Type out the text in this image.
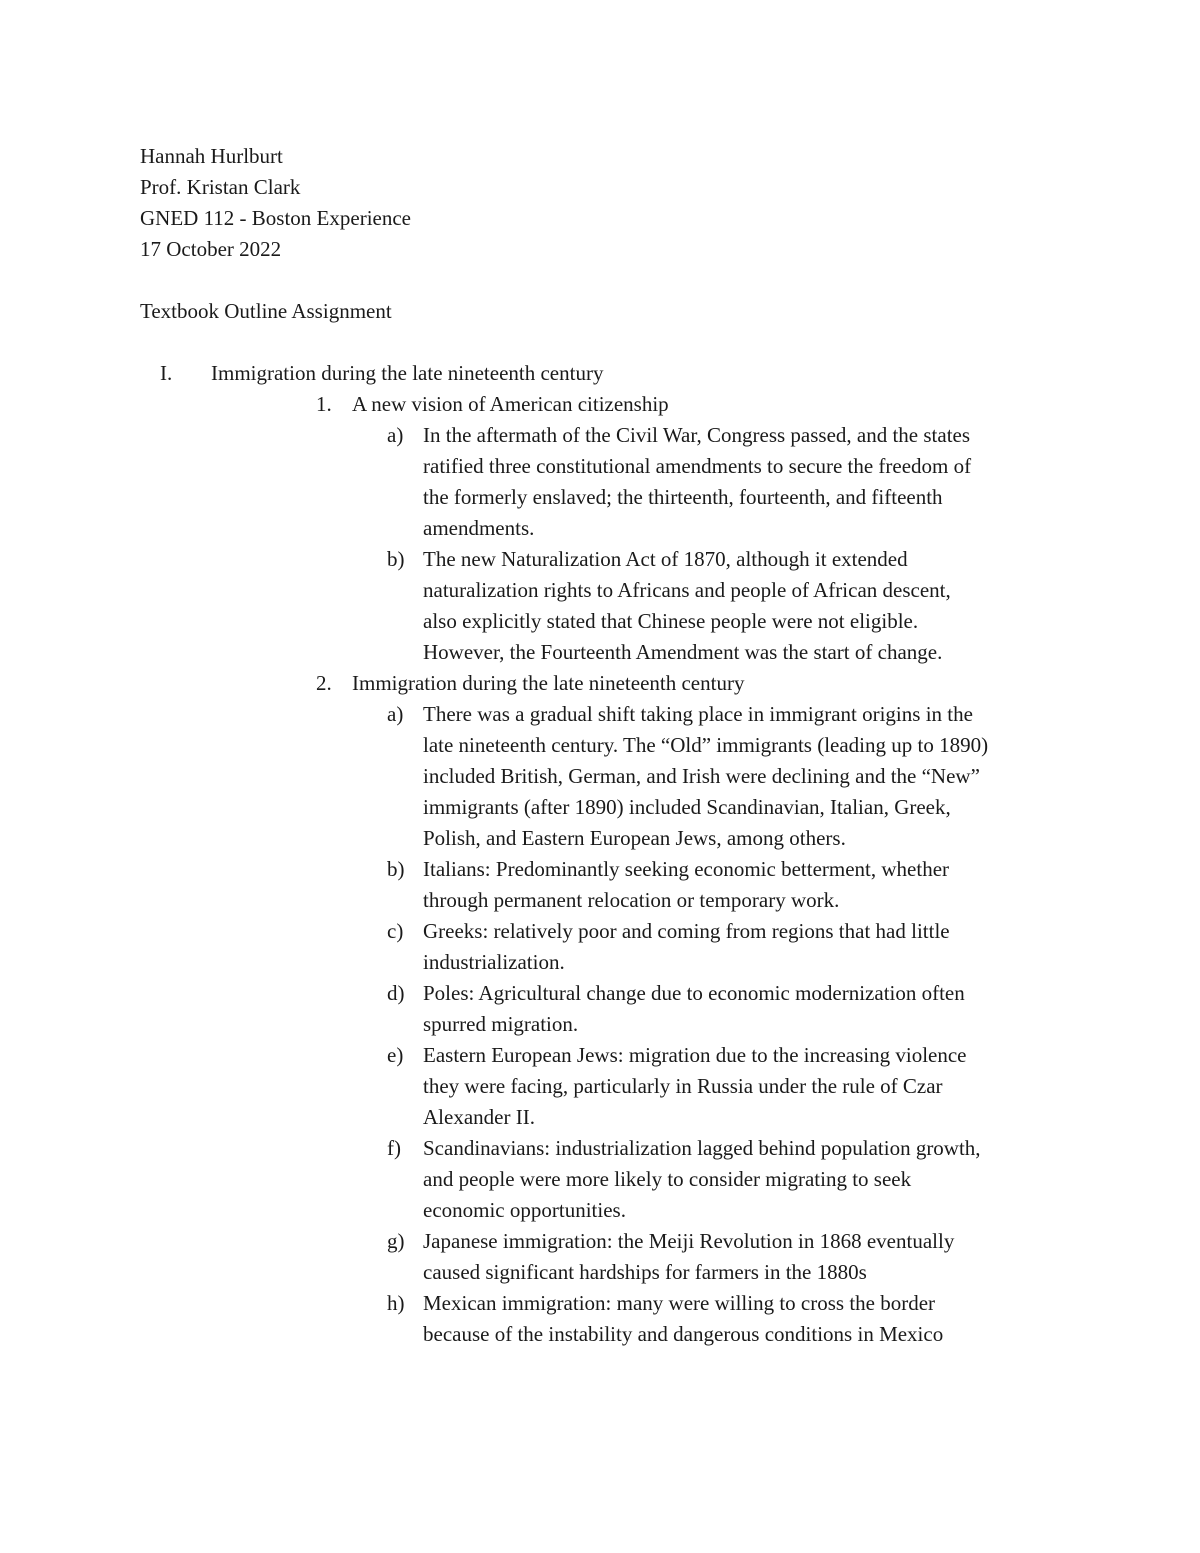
Hannah Hurlburt
Prof. Kristan Clark
GNED 112 - Boston Experience
17 October 2022
Textbook Outline Assignment
I. Immigration during the late nineteenth century
1. A new vision of American citizenship
a) In the aftermath of the Civil War, Congress passed, and the states
ratified three constitutional amendments to secure the freedom of
the formerly enslaved; the thirteenth, fourteenth, and fifteenth
amendments.
b) The new Naturalization Act of 1870, although it extended
naturalization rights to Africans and people of African descent,
also explicitly stated that Chinese people were not eligible.
However, the Fourteenth Amendment was the start of change.
2. Immigration during the late nineteenth century
a) There was a gradual shift taking place in immigrant origins in the
late nineteenth century. The “Old” immigrants (leading up to 1890)
included British, German, and Irish were declining and the “New”
immigrants (after 1890) included Scandinavian, Italian, Greek,
Polish, and Eastern European Jews, among others.
b) Italians: Predominantly seeking economic betterment, whether
through permanent relocation or temporary work.
c) Greeks: relatively poor and coming from regions that had little
industrialization.
d) Poles: Agricultural change due to economic modernization often
spurred migration.
e) Eastern European Jews: migration due to the increasing violence
they were facing, particularly in Russia under the rule of Czar
Alexander II.
f) Scandinavians: industrialization lagged behind population growth,
and people were more likely to consider migrating to seek
economic opportunities.
g) Japanese immigration: the Meiji Revolution in 1868 eventually
caused significant hardships for farmers in the 1880s
h) Mexican immigration: many were willing to cross the border
because of the instability and dangerous conditions in Mexico
